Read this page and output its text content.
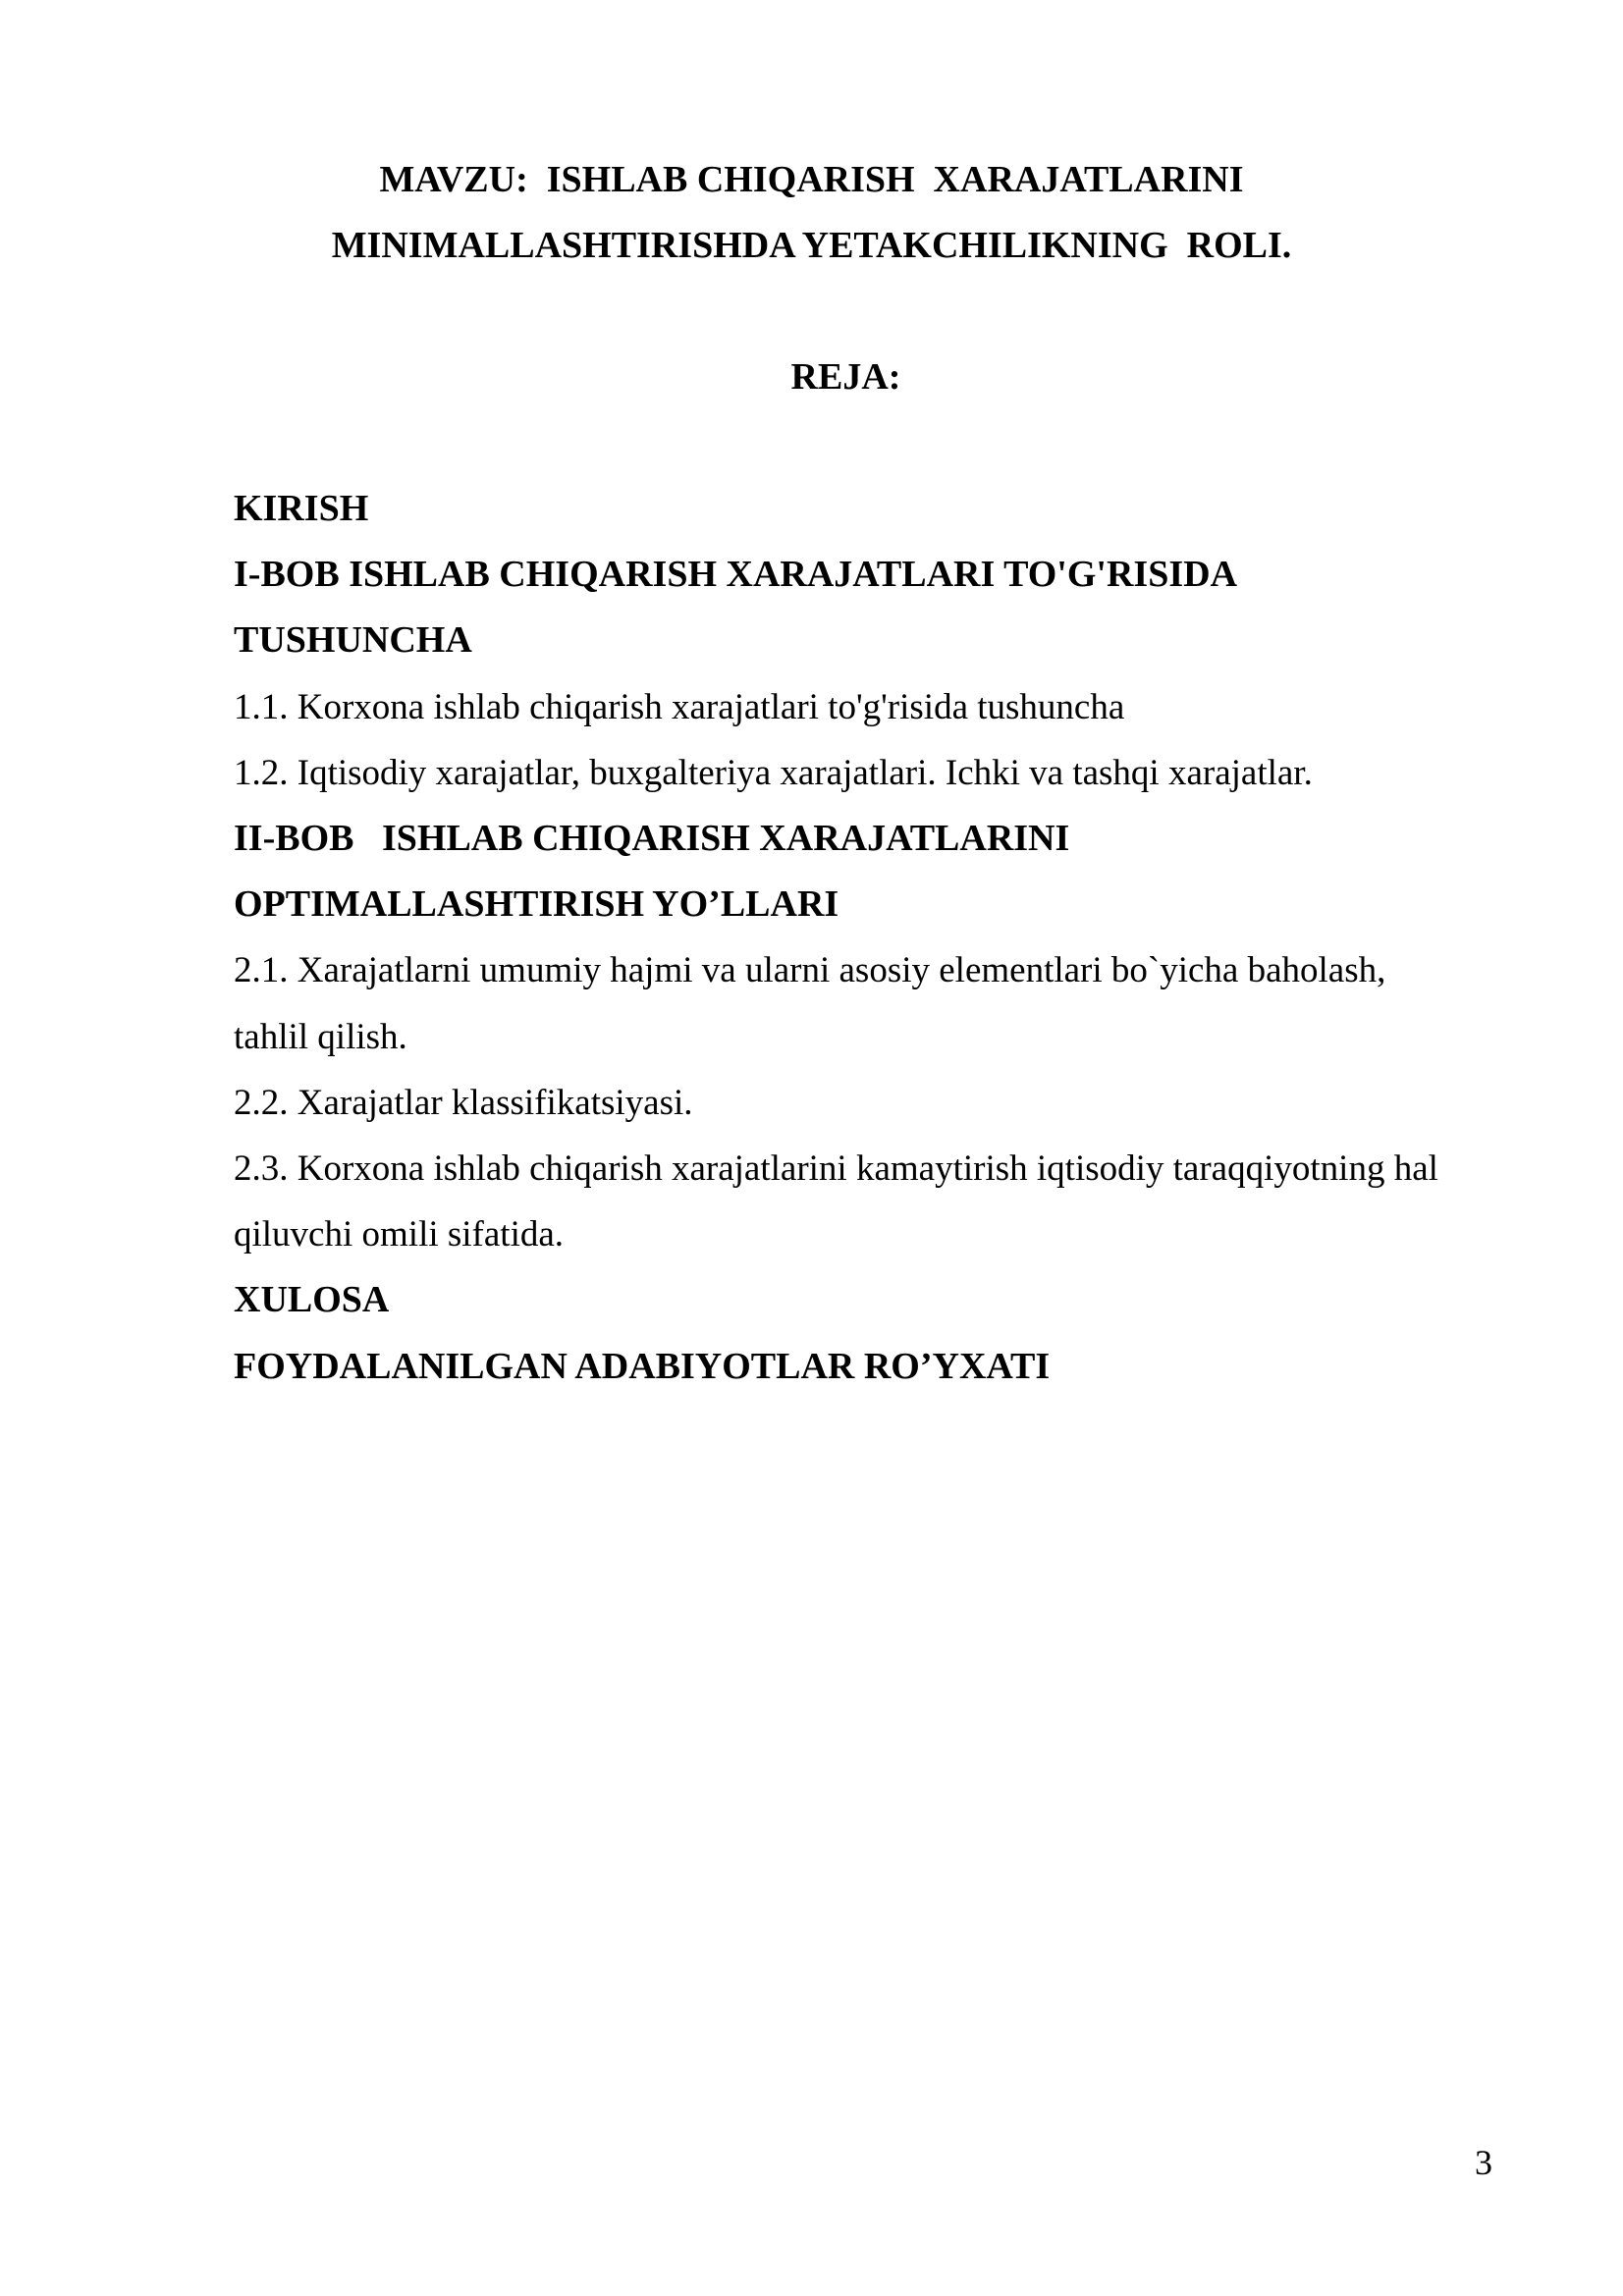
MAVZU:  ISHLAB CHIQARISH  XARAJATLARINI
MINIMALLASHTIRISHDA YETAKCHILIKNING  ROLI.
REJA:
KIRISH
I-BOB ISHLAB CHIQARISH XARAJATLARI TO'G'RISIDA
TUSHUNCHA
1.1. Korxona ishlab chiqarish xarajatlari to'g'risida tushuncha
1.2. Iqtisodiy xarajatlar, buxgalteriya xarajatlari. Ichki va tashqi xarajatlar.
II-BOB   ISHLAB CHIQARISH XARAJATLARINI
OPTIMALLASHTIRISH YO’LLARI
2.1. Xarajatlarni umumiy hajmi va ularni asosiy elementlari bo`yicha baholash,
tahlil qilish.
2.2. Xarajatlar klassifikatsiyasi.
2.3. Korxona ishlab chiqarish xarajatlarini kamaytirish iqtisodiy taraqqiyotning hal
qiluvchi omili sifatida.
XULOSA
FOYDALANILGAN ADABIYOTLAR RO’YXATI
3
